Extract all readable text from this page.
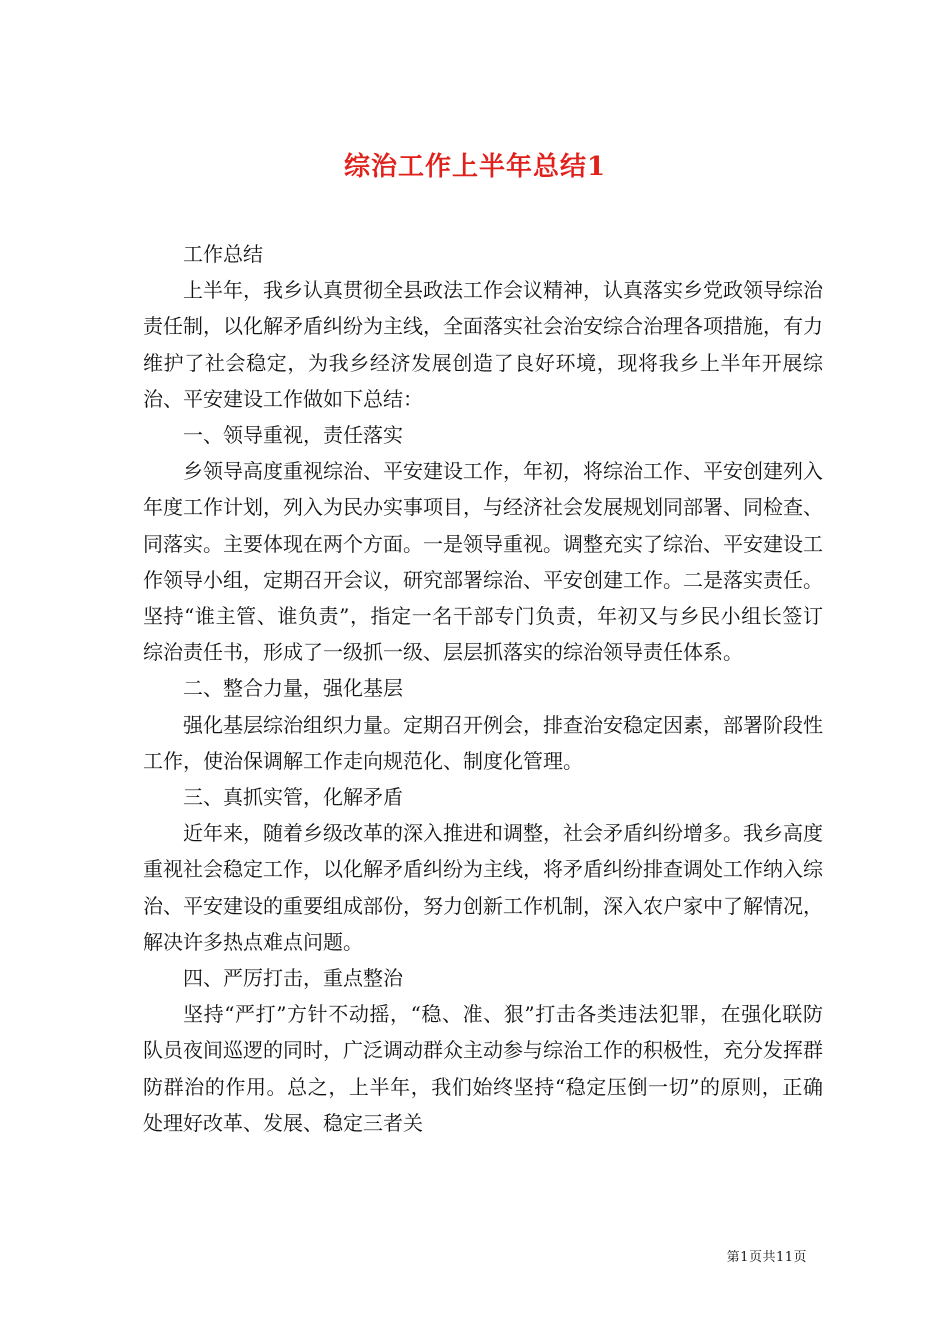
综治工作上半年总结1

工作总结

上半年，我乡认真贯彻全县政法工作会议精神，认真落实乡党政领导综治责任制，以化解矛盾纠纷为主线，全面落实社会治安综合治理各项措施，有力维护了社会稳定，为我乡经济发展创造了良好环境，现将我乡上半年开展综治、平安建设工作做如下总结：

一、领导重视，责任落实

乡领导高度重视综治、平安建设工作，年初，将综治工作、平安创建列入年度工作计划，列入为民办实事项目，与经济社会发展规划同部署、同检查、同落实。主要体现在两个方面。一是领导重视。调整充实了综治、平安建设工作领导小组，定期召开会议，研究部署综治、平安创建工作。二是落实责任。坚持“谁主管、谁负责”，指定一名干部专门负责，年初又与乡民小组长签订综治责任书，形成了一级抓一级、层层抓落实的综治领导责任体系。

二、整合力量，强化基层

强化基层综治组织力量。定期召开例会，排查治安稳定因素，部署阶段性工作，使治保调解工作走向规范化、制度化管理。

三、真抓实管，化解矛盾

近年来，随着乡级改革的深入推进和调整，社会矛盾纠纷增多。我乡高度重视社会稳定工作，以化解矛盾纠纷为主线，将矛盾纠纷排查调处工作纳入综治、平安建设的重要组成部份，努力创新工作机制，深入农户家中了解情况，解决许多热点难点问题。

四、严厉打击，重点整治

坚持“严打”方针不动摇，“稳、准、狠”打击各类违法犯罪，在强化联防队员夜间巡逻的同时，广泛调动群众主动参与综治工作的积极性，充分发挥群防群治的作用。总之，上半年，我们始终坚持“稳定压倒一切”的原则，正确处理好改革、发展、稳定三者关

第1页共11页
